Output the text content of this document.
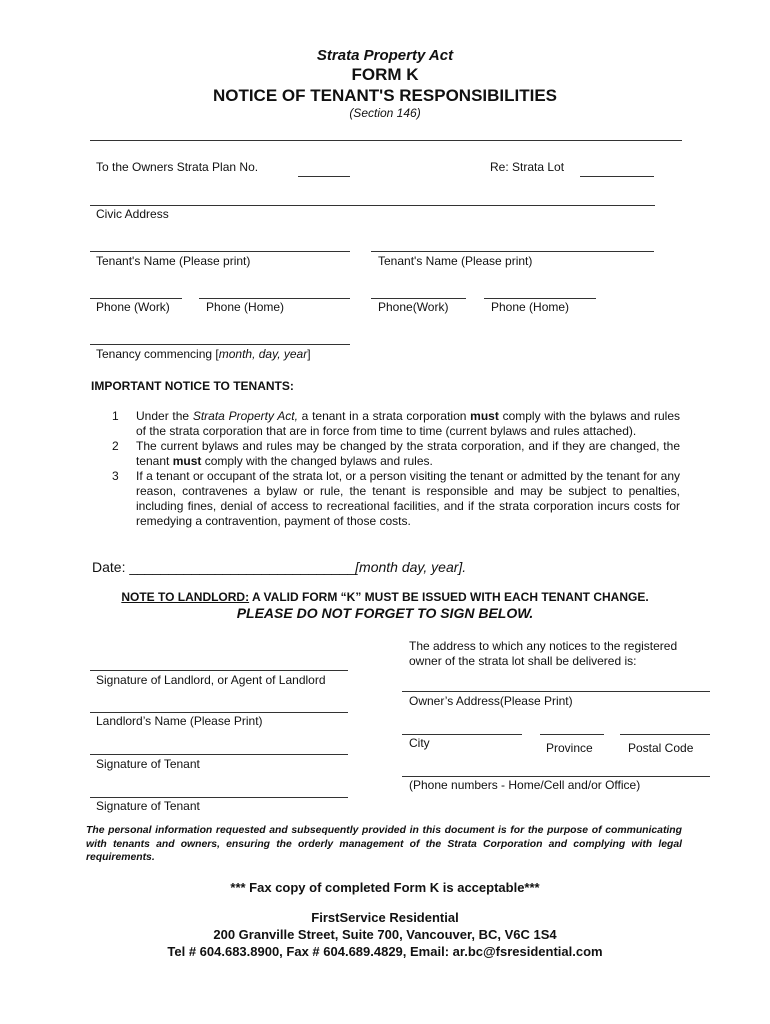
Strata Property Act
FORM K
NOTICE OF TENANT'S RESPONSIBILITIES
(Section 146)
To the Owners Strata Plan No.	Re: Strata Lot
Civic Address
Tenant's Name (Please print)	Tenant's Name (Please print)
Phone (Work)	Phone (Home)	Phone(Work)	Phone (Home)
Tenancy commencing [month, day, year]
IMPORTANT NOTICE TO TENANTS:
1 Under the Strata Property Act, a tenant in a strata corporation must comply with the bylaws and rules of the strata corporation that are in force from time to time (current bylaws and rules attached).
2 The current bylaws and rules may be changed by the strata corporation, and if they are changed, the tenant must comply with the changed bylaws and rules.
3 If a tenant or occupant of the strata lot, or a person visiting the tenant or admitted by the tenant for any reason, contravenes a bylaw or rule, the tenant is responsible and may be subject to penalties, including fines, denial of access to recreational facilities, and if the strata corporation incurs costs for remedying a contravention, payment of those costs.
Date: _____________________________[month day, year].
NOTE TO LANDLORD: A VALID FORM “K” MUST BE ISSUED WITH EACH TENANT CHANGE.
PLEASE DO NOT FORGET TO SIGN BELOW.
The address to which any notices to the registered owner of the strata lot shall be delivered is:
Signature of Landlord, or Agent of Landlord
Owner’s Address(Please Print)
Landlord’s Name (Please Print)
City	Province	Postal Code
Signature of Tenant
(Phone numbers - Home/Cell and/or Office)
Signature of Tenant
The personal information requested and subsequently provided in this document is for the purpose of communicating with tenants and owners, ensuring the orderly management of the Strata Corporation and complying with legal requirements.
*** Fax copy of completed Form K is acceptable***
FirstService Residential
200 Granville Street, Suite 700, Vancouver, BC, V6C 1S4
Tel # 604.683.8900, Fax # 604.689.4829, Email: ar.bc@fsresidential.com
